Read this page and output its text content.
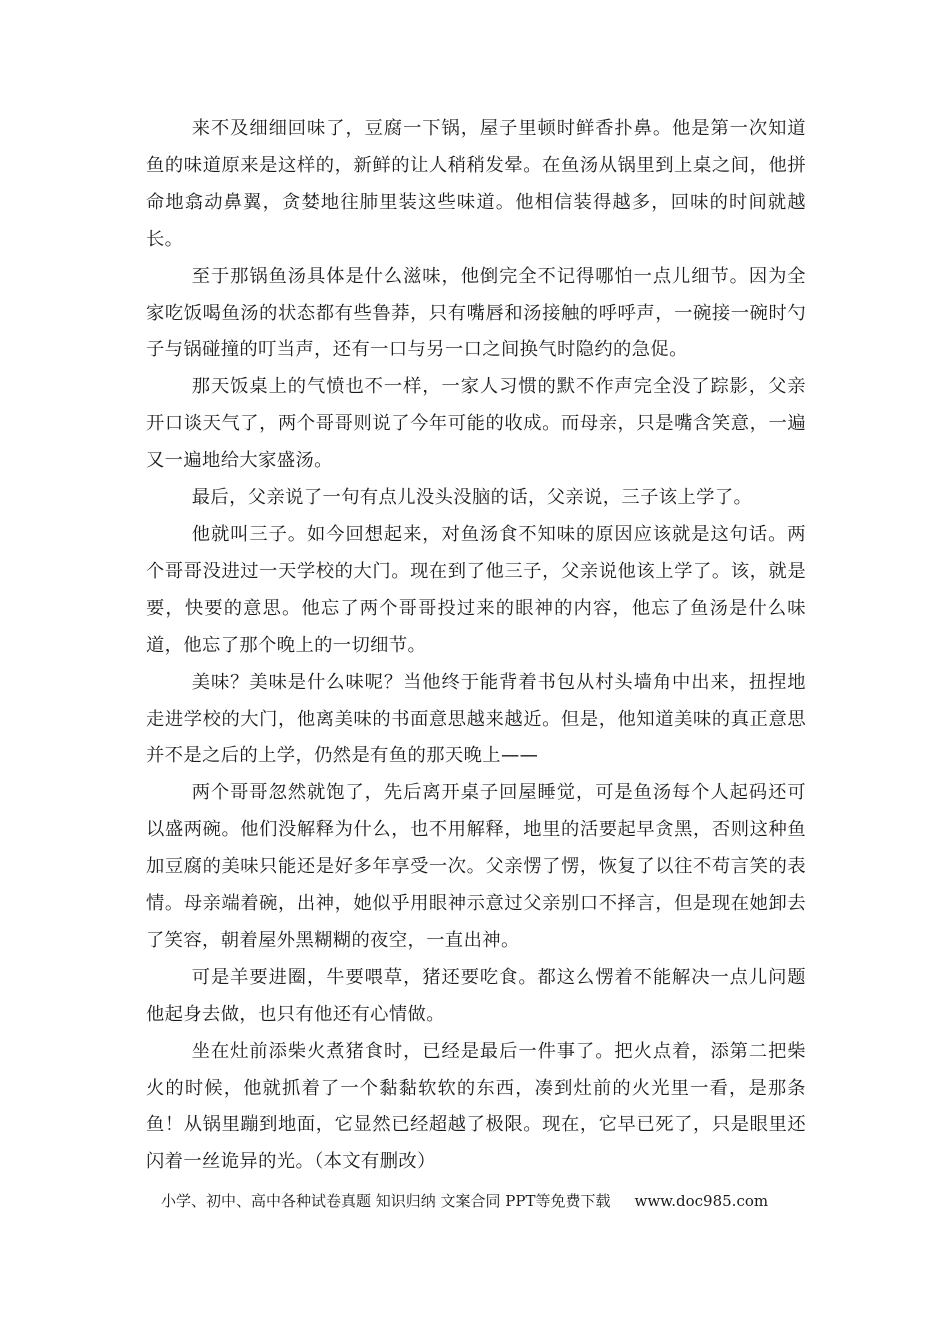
来不及细细回味了，豆腐一下锅，屋子里顿时鲜香扑鼻。他是第一次知道鱼的味道原来是这样的，新鲜的让人稍稍发晕。在鱼汤从锅里到上桌之间，他拼命地翕动鼻翼，贪婪地往肺里装这些味道。他相信装得越多，回味的时间就越长。

至于那锅鱼汤具体是什么滋味，他倒完全不记得哪怕一点儿细节。因为全家吃饭喝鱼汤的状态都有些鲁莽，只有嘴唇和汤接触的呼呼声，一碗接一碗时勺子与锅碰撞的叮当声，还有一口与另一口之间换气时隐约的急促。

那天饭桌上的气愤也不一样，一家人习惯的默不作声完全没了踪影，父亲开口谈天气了，两个哥哥则说了今年可能的收成。而母亲，只是嘴含笑意，一遍又一遍地给大家盛汤。

最后，父亲说了一句有点儿没头没脑的话，父亲说，三子该上学了。

他就叫三子。如今回想起来，对鱼汤食不知味的原因应该就是这句话。两个哥哥没进过一天学校的大门。现在到了他三子，父亲说他该上学了。该，就是要，快要的意思。他忘了两个哥哥投过来的眼神的内容，他忘了鱼汤是什么味道，他忘了那个晚上的一切细节。

美味？美味是什么味呢？当他终于能背着书包从村头墙角中出来，扭捏地走进学校的大门，他离美味的书面意思越来越近。但是，他知道美味的真正意思并不是之后的上学，仍然是有鱼的那天晚上——

两个哥哥忽然就饱了，先后离开桌子回屋睡觉，可是鱼汤每个人起码还可以盛两碗。他们没解释为什么，也不用解释，地里的活要起早贪黑，否则这种鱼加豆腐的美味只能还是好多年享受一次。父亲愣了愣，恢复了以往不苟言笑的表情。母亲端着碗，出神，她似乎用眼神示意过父亲别口不择言，但是现在她卸去了笑容，朝着屋外黑糊糊的夜空，一直出神。

可是羊要进圈，牛要喂草，猪还要吃食。都这么愣着不能解决一点儿问题他起身去做，也只有他还有心情做。

坐在灶前添柴火煮猪食时，已经是最后一件事了。把火点着，添第二把柴火的时候，他就抓着了一个黏黏软软的东西，凑到灶前的火光里一看，是那条鱼！从锅里蹦到地面，它显然已经超越了极限。现在，它早已死了，只是眼里还闪着一丝诡异的光。（本文有删改）

小学、初中、高中各种试卷真题 知识归纳 文案合同 PPT等免费下载 www.doc985.com
